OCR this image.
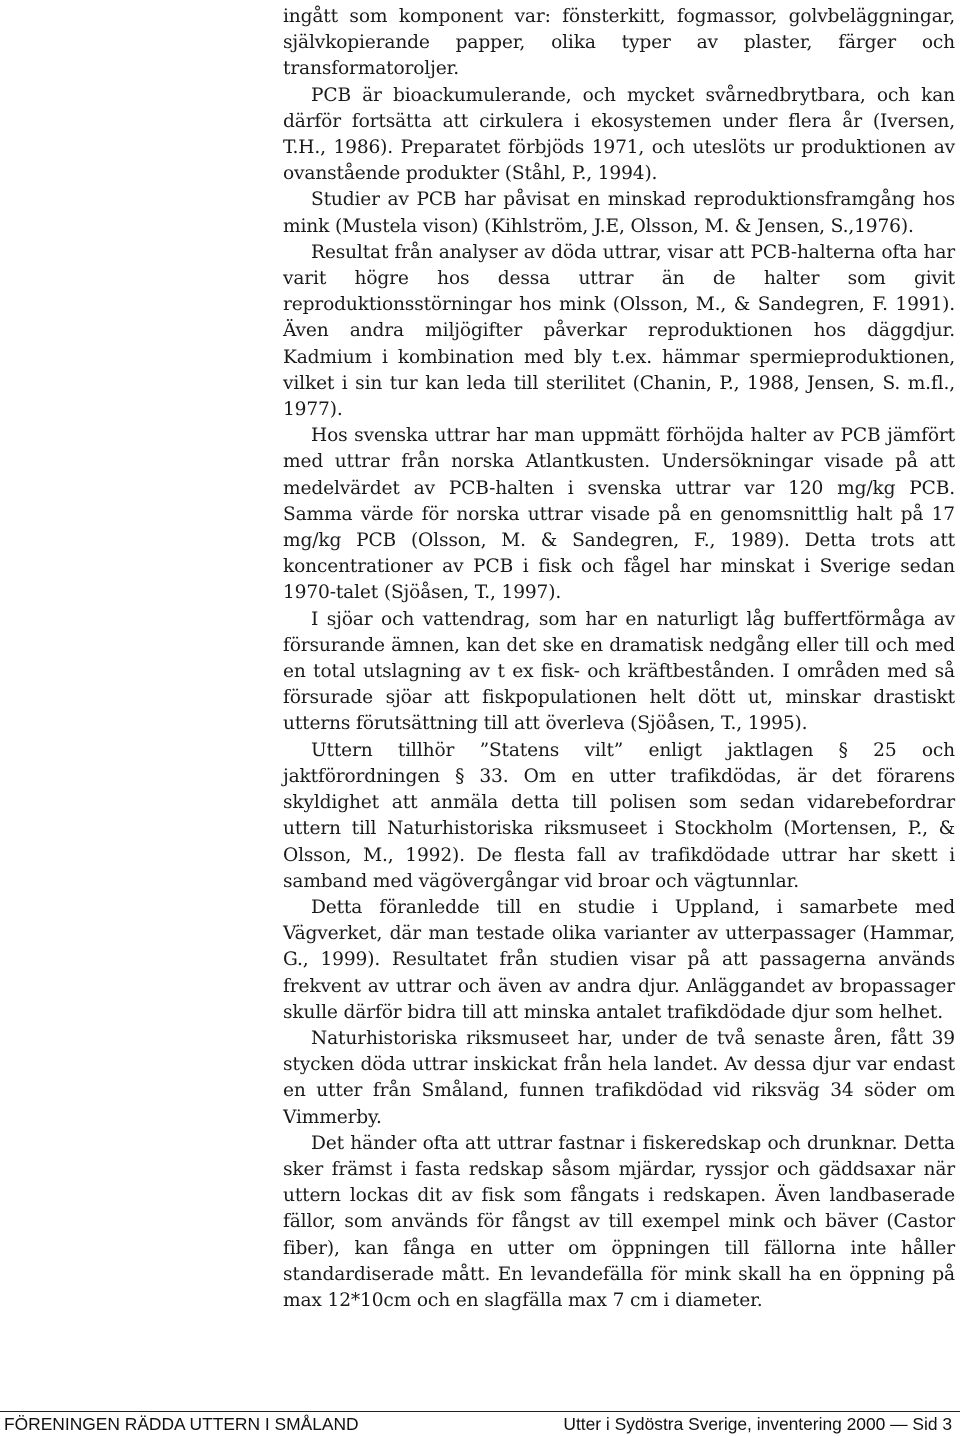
ingått som komponent var: fönsterkitt, fogmassor, golvbeläggningar, självkopierande papper, olika typer av plaster, färger och transformatoroljer.

PCB är bioackumulerande, och mycket svårnedbrytbara, och kan därför fortsätta att cirkulera i ekosystemen under flera år (Iversen, T.H., 1986). Preparatet förbjöds 1971, och uteslöts ur produktionen av ovanstående produkter (Ståhl, P., 1994).

Studier av PCB har påvisat en minskad reproduktionsframgång hos mink (Mustela vison) (Kihlström, J.E, Olsson, M. & Jensen, S.,1976).

Resultat från analyser av döda uttrar, visar att PCB-halterna ofta har varit högre hos dessa uttrar än de halter som givit reproduktionsstörningar hos mink (Olsson, M., & Sandegren, F. 1991). Även andra miljögifter påverkar reproduktionen hos däggdjur. Kadmium i kombination med bly t.ex. hämmar spermieproduktionen, vilket i sin tur kan leda till sterilitet (Chanin, P., 1988, Jensen, S. m.fl., 1977).

Hos svenska uttrar har man uppmätt förhöjda halter av PCB jämfört med uttrar från norska Atlantkusten. Undersökningar visade på att medelvärdet av PCB-halten i svenska uttrar var 120 mg/kg PCB. Samma värde för norska uttrar visade på en genomsnittlig halt på 17 mg/kg PCB (Olsson, M. & Sandegren, F., 1989). Detta trots att koncentrationer av PCB i fisk och fågel har minskat i Sverige sedan 1970-talet (Sjöåsen, T., 1997).

I sjöar och vattendrag, som har en naturligt låg buffertförmåga av försurande ämnen, kan det ske en dramatisk nedgång eller till och med en total utslagning av t ex fisk- och kräftbestånden. I områden med så försurade sjöar att fiskpopulationen helt dött ut, minskar drastiskt utterns förutsättning till att överleva (Sjöåsen, T., 1995).

Uttern tillhör ”Statens vilt” enligt jaktlagen § 25 och jaktförordningen § 33. Om en utter trafikdödas, är det förarens skyldighet att anmäla detta till polisen som sedan vidarebefordrar uttern till Naturhistoriska riksmuseet i Stockholm (Mortensen, P., & Olsson, M., 1992). De flesta fall av trafikdödade uttrar har skett i samband med vägövergångar vid broar och vägtunnlar.

Detta föranledde till en studie i Uppland, i samarbete med Vägverket, där man testade olika varianter av utterpassager (Hammar, G., 1999). Resultatet från studien visar på att passagerna används frekvent av uttrar och även av andra djur. Anläggandet av bropassager skulle därför bidra till att minska antalet trafikdödade djur som helhet.

Naturhistoriska riksmuseet har, under de två senaste åren, fått 39 stycken döda uttrar inskickat från hela landet. Av dessa djur var endast en utter från Småland, funnen trafikdödad vid riksväg 34 söder om Vimmerby.

Det händer ofta att uttrar fastnar i fiskeredskap och drunknar. Detta sker främst i fasta redskap såsom mjärdar, ryssjor och gäddsaxar när uttern lockas dit av fisk som fångats i redskapen. Även landbaserade fällor, som används för fångst av till exempel mink och bäver (Castor fiber), kan fånga en utter om öppningen till fällorna inte håller standardiserade mått. En levandefälla för mink skall ha en öppning på max 12*10cm och en slagfälla max 7 cm i diameter.

FÖRENINGEN RÄDDA UTTERN I SMÅLAND	Utter i Sydöstra Sverige, inventering 2000 — Sid 3
